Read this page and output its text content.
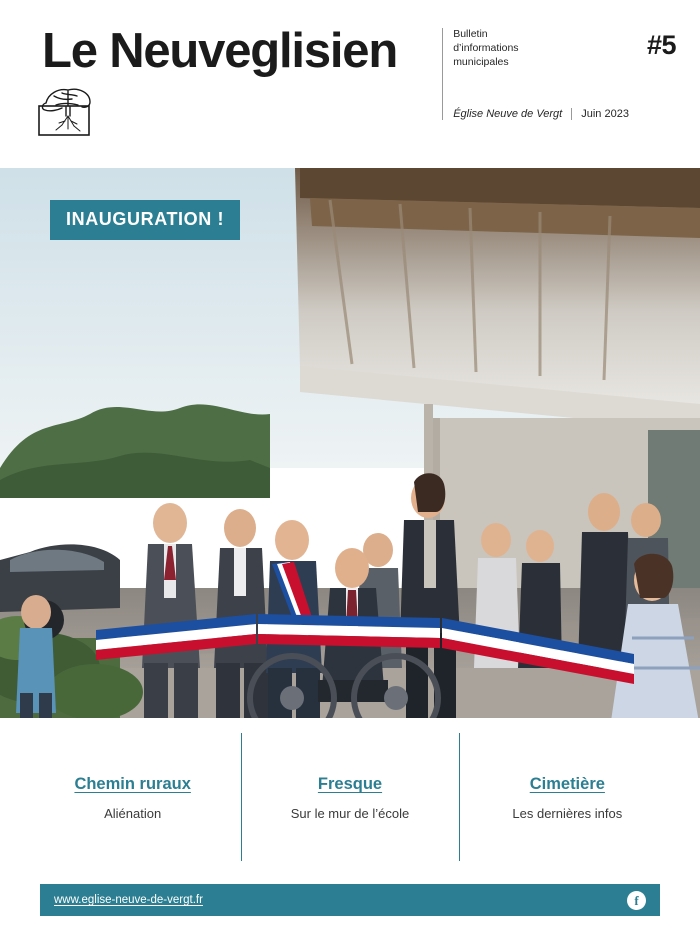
Le Neuveglisien	Bulletin
d’informations
municipales
Église Neuve de Vergt	Juin 2023
#5
INAUGURATION !
Chemin ruraux
Aliénation
Fresque
Sur le mur de l’école
Cimetière
Les dernières infos
www.eglise-neuve-de-vergt.fr	f
